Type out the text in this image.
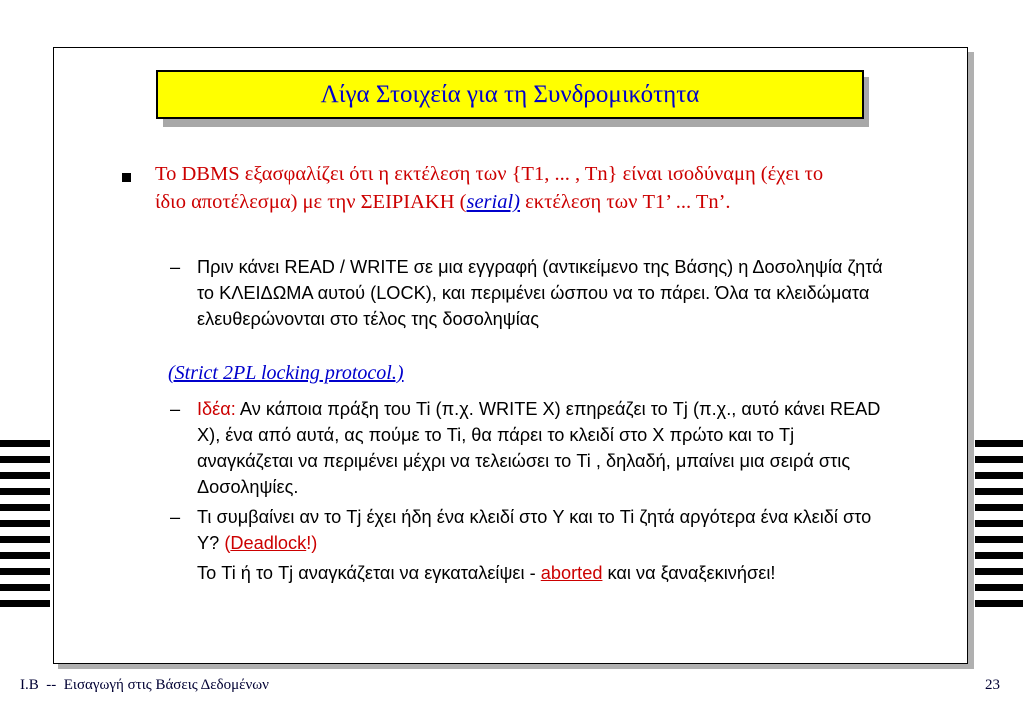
Λίγα Στοιχεία για τη Συνδρομικότητα
Το DBMS εξασφαλίζει ότι η εκτέλεση των {T1, ... , Tn} είναι ισοδύναμη (έχει το ίδιο αποτέλεσμα) με την ΣΕΙΡΙΑΚΗ (serial) εκτέλεση των T1’ ... Tn’.
– Πριν κάνει READ / WRITE σε μια εγγραφή (αντικείμενο της Βάσης) η Δοσοληψία ζητά το ΚΛΕΙΔΩΜΑ αυτού (LOCK), και περιμένει ώσπου να το πάρει. Όλα τα κλειδώματα ελευθερώνονται στο τέλος της δοσοληψίας
(Strict 2PL locking protocol.)
– Ιδέα: Αν κάποια πράξη του Ti (π.χ. WRITE X) επηρεάζει το Tj (π.χ., αυτό κάνει READ X), ένα από αυτά, ας πούμε το Ti, θα πάρει το κλειδί στο Χ πρώτο και το Tj αναγκάζεται να περιμένει μέχρι να τελειώσει το Ti , δηλαδή, μπαίνει μια σειρά στις Δοσοληψίες.
– Τι συμβαίνει αν το Tj έχει ήδη ένα κλειδί στο Y και το Ti ζητά αργότερα ένα κλειδί στο Y? (Deadlock!)
Το Ti ή το Tj αναγκάζεται να εγκαταλείψει - aborted και να ξαναξεκινήσει!
I.B  --  Εισαγωγή στις Βάσεις Δεδομένων	23
